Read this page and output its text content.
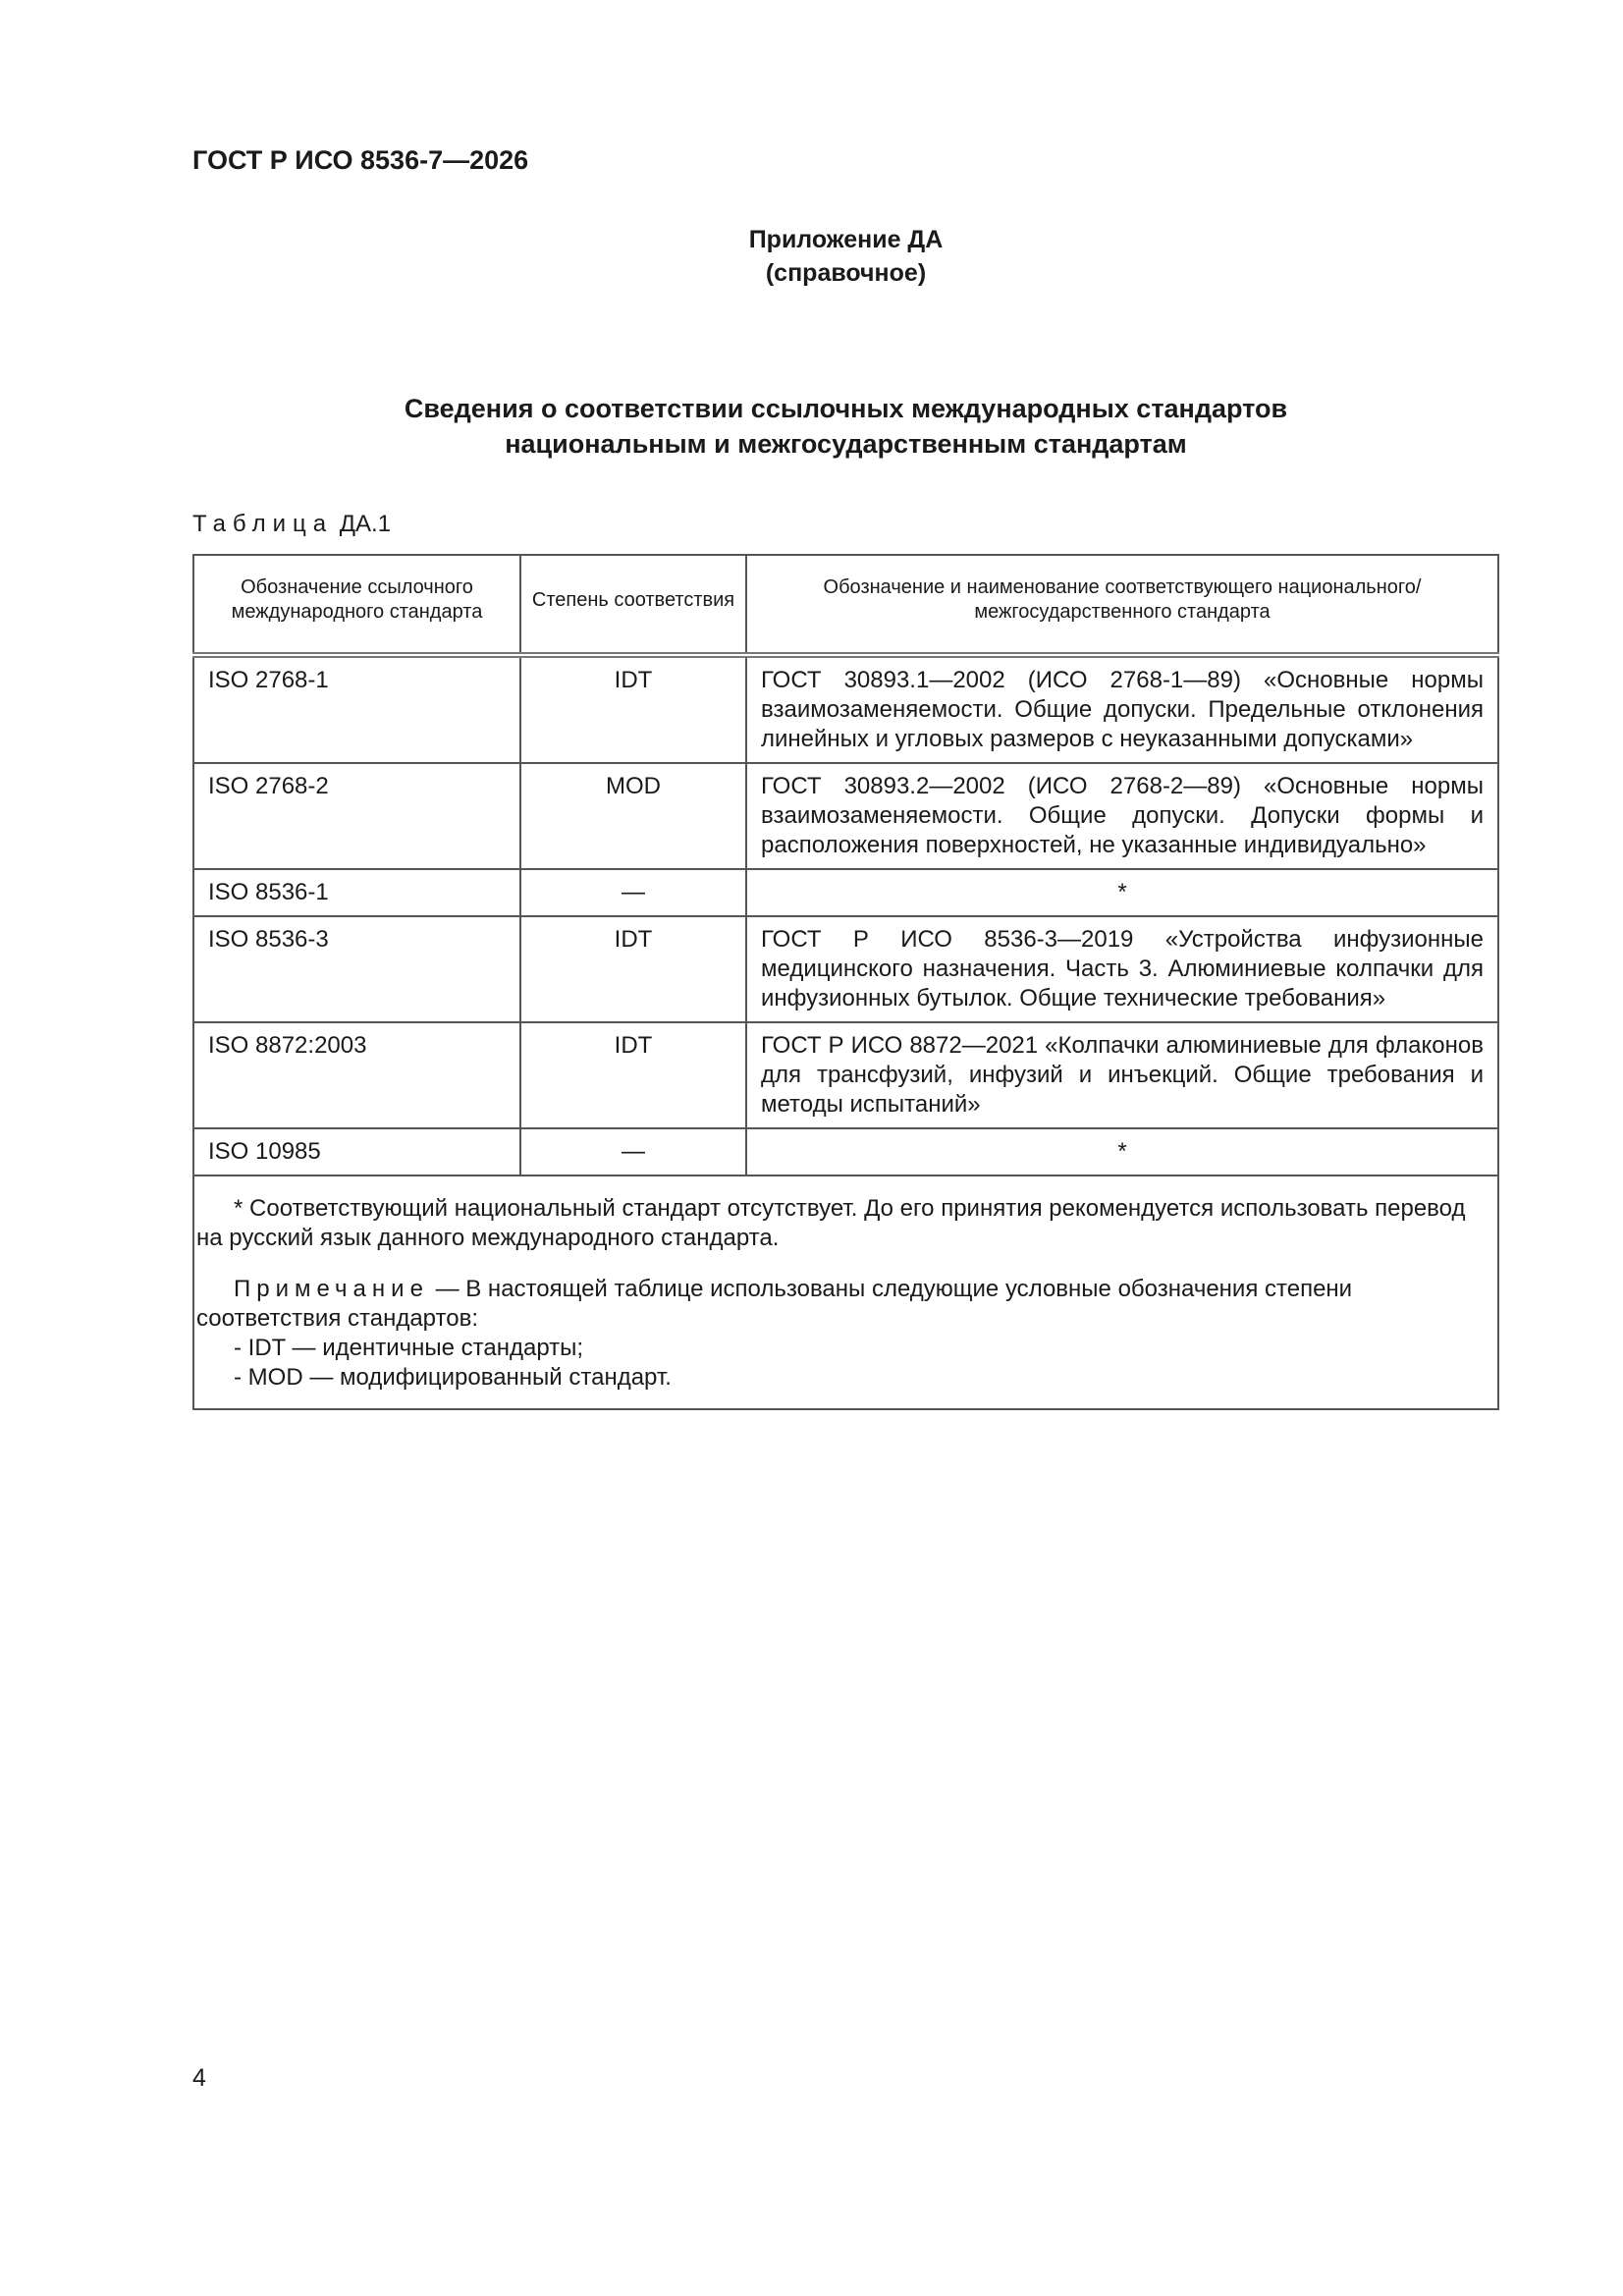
ГОСТ Р ИСО 8536-7—2026
Приложение ДА
(справочное)
Сведения о соответствии ссылочных международных стандартов
национальным и межгосударственным стандартам
Таблица ДА.1
Обозначение ссылочного международного стандарта	Степень соответствия	Обозначение и наименование соответствующего национального/ межгосударственного стандарта
ISO 2768-1	IDT	ГОСТ 30893.1—2002 (ИСО 2768-1—89) «Основные нормы взаимозаменяемости. Общие допуски. Предельные отклонения линейных и угловых размеров с неуказанными допусками»
ISO 2768-2	MOD	ГОСТ 30893.2—2002 (ИСО 2768-2—89) «Основные нормы взаимозаменяемости. Общие допуски. Допуски формы и расположения поверхностей, не указанные индивидуально»
ISO 8536-1	—	*
ISO 8536-3	IDT	ГОСТ Р ИСО 8536-3—2019 «Устройства инфузионные медицинского назначения. Часть 3. Алюминиевые колпачки для инфузионных бутылок. Общие технические требования»
ISO 8872:2003	IDT	ГОСТ Р ИСО 8872—2021 «Колпачки алюминиевые для флаконов для трансфузий, инфузий и инъекций. Общие требования и методы испытаний»
ISO 10985	—	*

* Соответствующий национальный стандарт отсутствует. До его принятия рекомендуется использовать перевод на русский язык данного международного стандарта.

Примечание — В настоящей таблице использованы следующие условные обозначения степени соответствия стандартов:

- IDT — идентичные стандарты;
- MOD — модифицированный стандарт.		
4
